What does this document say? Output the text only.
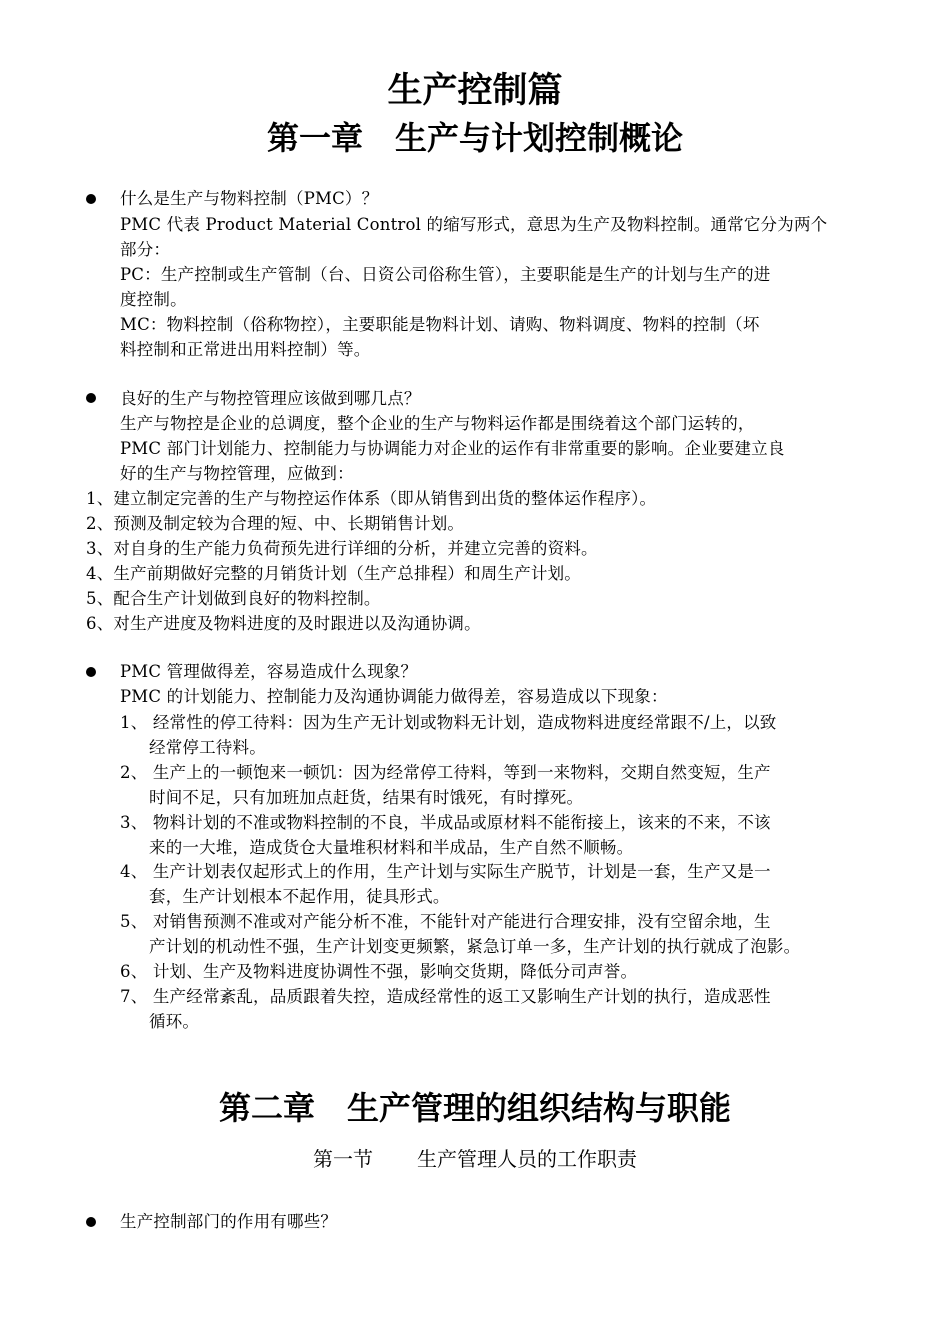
生产控制篇
第一章　生产与计划控制概论
什么是生产与物料控制（PMC）？
PMC 代表 Product Material Control 的缩写形式，意思为生产及物料控制。通常它分为两个
部分：
PC：生产控制或生产管制（台、日资公司俗称生管），主要职能是生产的计划与生产的进
度控制。
MC：物料控制（俗称物控），主要职能是物料计划、请购、物料调度、物料的控制（坏
料控制和正常进出用料控制）等。
良好的生产与物控管理应该做到哪几点？
生产与物控是企业的总调度，整个企业的生产与物料运作都是围绕着这个部门运转的，
PMC 部门计划能力、控制能力与协调能力对企业的运作有非常重要的影响。企业要建立良
好的生产与物控管理，应做到：
1、建立制定完善的生产与物控运作体系（即从销售到出货的整体运作程序）。
2、预测及制定较为合理的短、中、长期销售计划。
3、对自身的生产能力负荷预先进行详细的分析，并建立完善的资料。
4、生产前期做好完整的月销货计划（生产总排程）和周生产计划。
5、配合生产计划做到良好的物料控制。
6、对生产进度及物料进度的及时跟进以及沟通协调。
PMC 管理做得差，容易造成什么现象？
PMC 的计划能力、控制能力及沟通协调能力做得差，容易造成以下现象：
1、 经常性的停工待料：因为生产无计划或物料无计划，造成物料进度经常跟不/上，以致
经常停工待料。
2、 生产上的一顿饱来一顿饥：因为经常停工待料，等到一来物料，交期自然变短，生产
时间不足，只有加班加点赶货，结果有时饿死，有时撑死。
3、 物料计划的不准或物料控制的不良，半成品或原材料不能衔接上，该来的不来，不该
来的一大堆，造成货仓大量堆积材料和半成品，生产自然不顺畅。
4、 生产计划表仅起形式上的作用，生产计划与实际生产脱节，计划是一套，生产又是一
套，生产计划根本不起作用，徒具形式。
5、 对销售预测不准或对产能分析不准，不能针对产能进行合理安排，没有空留余地，生
产计划的机动性不强，生产计划变更频繁，紧急订单一多，生产计划的执行就成了泡影。
6、 计划、生产及物料进度协调性不强，影响交货期，降低分司声誉。
7、 生产经常紊乱，品质跟着失控，造成经常性的返工又影响生产计划的执行，造成恶性
循环。
第二章　生产管理的组织结构与职能
第一节 生产管理人员的工作职责
生产控制部门的作用有哪些？
